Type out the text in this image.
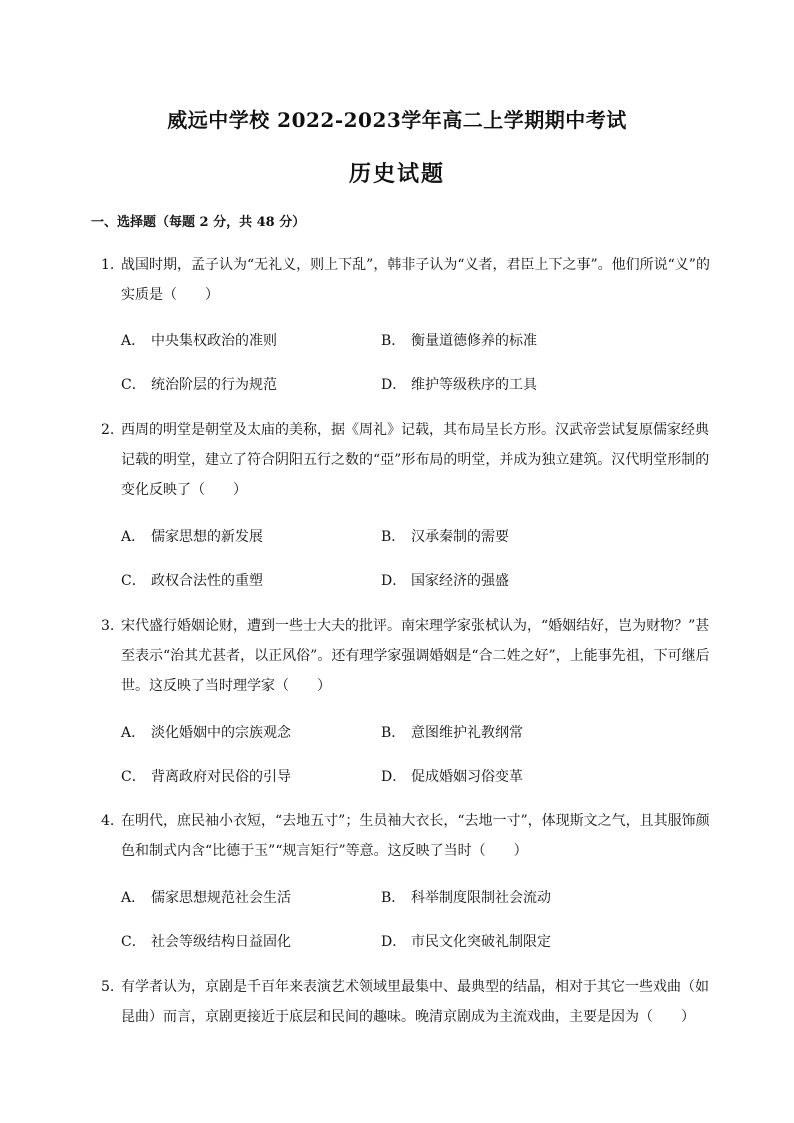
威远中学校 2022-2023学年高二上学期期中考试
历史试题
一、选择题（每题 2 分，共 48 分）
1. 战国时期，孟子认为“无礼义，则上下乱”，韩非子认为“义者，君臣上下之事”。他们所说“义”的实质是（　　）
A． 中央集权政治的准则	B． 衡量道德修养的标准
C． 统治阶层的行为规范	D． 维护等级秩序的工具
2. 西周的明堂是朝堂及太庙的美称，据《周礼》记载，其布局呈长方形。汉武帝尝试复原儒家经典记载的明堂，建立了符合阴阳五行之数的“亞”形布局的明堂，并成为独立建筑。汉代明堂形制的变化反映了（　　）
A． 儒家思想的新发展	B． 汉承秦制的需要
C． 政权合法性的重塑	D． 国家经济的强盛
3. 宋代盛行婚姻论财，遭到一些士大夫的批评。南宋理学家张栻认为，“婚姻结好，岂为财物？”甚至表示“治其尤甚者，以正风俗”。还有理学家强调婚姻是“合二姓之好”，上能事先祖，下可继后世。这反映了当时理学家（　　）
A． 淡化婚姻中的宗族观念	B． 意图维护礼教纲常
C． 背离政府对民俗的引导	D． 促成婚姻习俗变革
4. 在明代，庶民袖小衣短，“去地五寸”；生员袖大衣长，“去地一寸”，体现斯文之气，且其服饰颜色和制式内含“比德于玉”“规言矩行”等意。这反映了当时（　　）
A． 儒家思想规范社会生活	B． 科举制度限制社会流动
C． 社会等级结构日益固化	D． 市民文化突破礼制限定
5. 有学者认为，京剧是千百年来表演艺术领域里最集中、最典型的结晶，相对于其它一些戏曲（如昆曲）而言，京剧更接近于底层和民间的趣味。晚清京剧成为主流戏曲，主要是因为（　　）
